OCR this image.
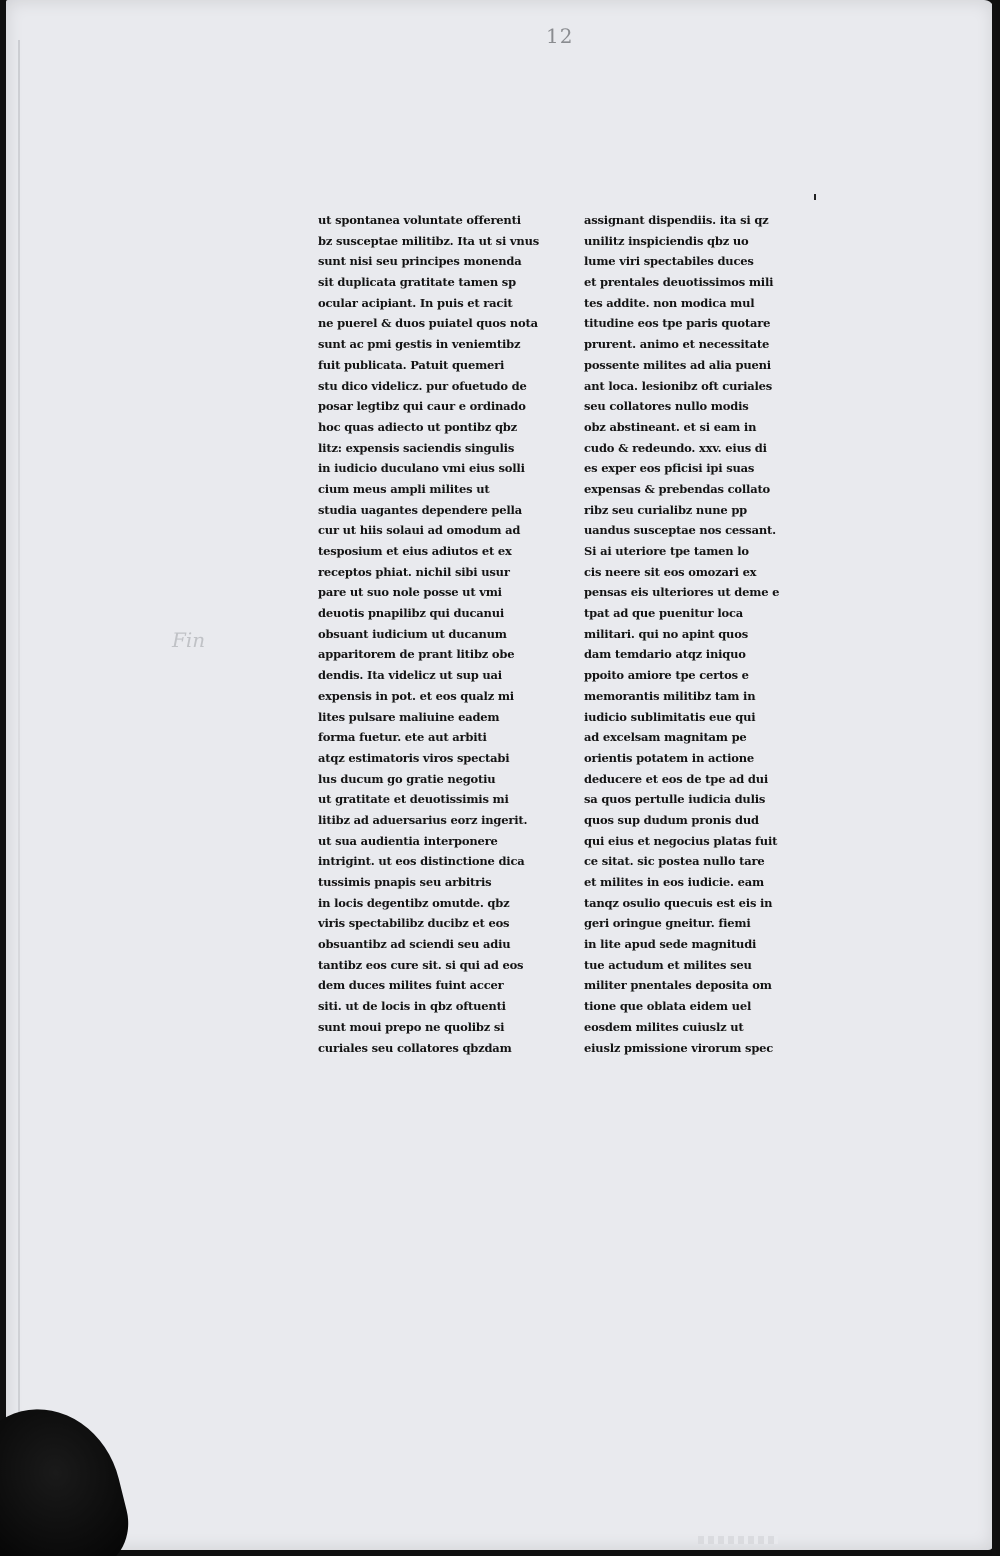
12
Fin
ut spontanea voluntate offerenti
bz susceptae militibz. Ita ut si vnus
sunt nisi seu principes monenda
sit duplicata gratitate tamen sp
ocular acipiant. In puis et racit
ne puerel & duos puiatel quos nota
sunt ac pmi gestis in veniemtibz
fuit publicata. Patuit quemeri
stu dico videlicz. pur ofuetudo de
posar legtibz qui caur e ordinado
hoc quas adiecto ut pontibz qbz
litz: expensis saciendis singulis
in iudicio duculano vmi eius solli
cium meus ampli milites ut
studia uagantes dependere pella
cur ut hiis solaui ad omodum ad
tesposium et eius adiutos et ex
receptos phiat. nichil sibi usur
pare ut suo nole posse ut vmi
deuotis pnapilibz qui ducanui
obsuant iudicium ut ducanum
apparitorem de prant litibz obe
dendis. Ita videlicz ut sup uai
expensis in pot. et eos qualz mi
lites pulsare maliuine eadem
forma fuetur. ete aut arbiti
atqz estimatoris viros spectabi
lus ducum go gratie negotiu
ut gratitate et deuotissimis mi
litibz ad aduersarius eorz ingerit.
ut sua audientia interponere
intrigint. ut eos distinctione dica
tussimis pnapis seu arbitris
in locis degentibz omutde. qbz
viris spectabilibz ducibz et eos
obsuantibz ad sciendi seu adiu
tantibz eos cure sit. si qui ad eos
dem duces milites fuint accer
siti. ut de locis in qbz oftuenti
sunt moui prepo ne quolibz si
curiales seu collatores qbzdam
assignant dispendiis. ita si qz
unilitz inspiciendis qbz uo
lume viri spectabiles duces
et prentales deuotissimos mili
tes addite. non modica mul
titudine eos tpe paris quotare
prurent. animo et necessitate
possente milites ad alia pueni
ant loca. lesionibz oft curiales
seu collatores nullo modis
obz abstineant. et si eam in
cudo & redeundo. xxv. eius di
es exper eos pficisi ipi suas
expensas & prebendas collato
ribz seu curialibz nune pp
uandus susceptae nos cessant.
Si ai uteriore tpe tamen lo
cis neere sit eos omozari ex
pensas eis ulteriores ut deme e
tpat ad que puenitur loca
militari. qui no apint quos
dam temdario atqz iniquo
ppoito amiore tpe certos e
memorantis militibz tam in
iudicio sublimitatis eue qui
ad excelsam magnitam pe
orientis potatem in actione
deducere et eos de tpe ad dui
sa quos pertulle iudicia dulis
quos sup dudum pronis dud
qui eius et negocius platas fuit
ce sitat. sic postea nullo tare
et milites in eos iudicie. eam
tanqz osulio quecuis est eis in
geri oringue gneitur. fiemi
in lite apud sede magnitudi
tue actudum et milites seu
militer pnentales deposita om
tione que oblata eidem uel
eosdem milites cuiuslz ut
eiuslz pmissione virorum spec
